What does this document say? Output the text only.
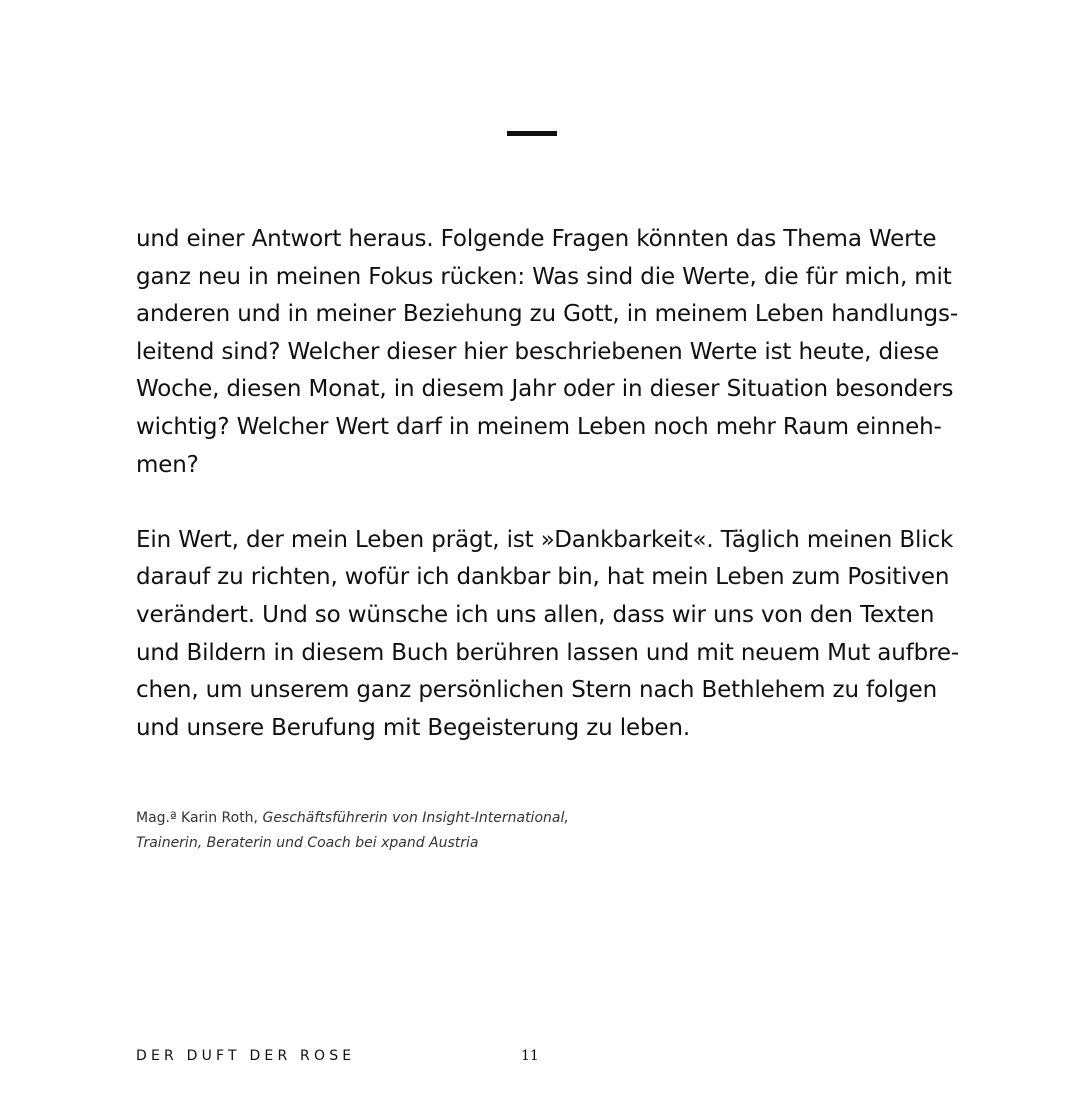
und einer Antwort heraus. Folgende Fragen könnten das Thema Werte
ganz neu in meinen Fokus rücken: Was sind die Werte, die für mich, mit
anderen und in meiner Beziehung zu Gott, in meinem Leben handlungs-
leitend sind? Welcher dieser hier beschriebenen Werte ist heute, diese
Woche, diesen Monat, in diesem Jahr oder in dieser Situation besonders
wichtig? Welcher Wert darf in meinem Leben noch mehr Raum einneh-
men?
Ein Wert, der mein Leben prägt, ist »Dankbarkeit«. Täglich meinen Blick
darauf zu richten, wofür ich dankbar bin, hat mein Leben zum Positiven
verändert. Und so wünsche ich uns allen, dass wir uns von den Texten
und Bildern in diesem Buch berühren lassen und mit neuem Mut aufbre-
chen, um unserem ganz persönlichen Stern nach Bethlehem zu folgen
und unsere Berufung mit Begeisterung zu leben.
Mag.ª Karin Roth, Geschäftsführerin von Insight-International,
Trainerin, Beraterin und Coach bei xpand Austria
DER DUFT DER ROSE	11
